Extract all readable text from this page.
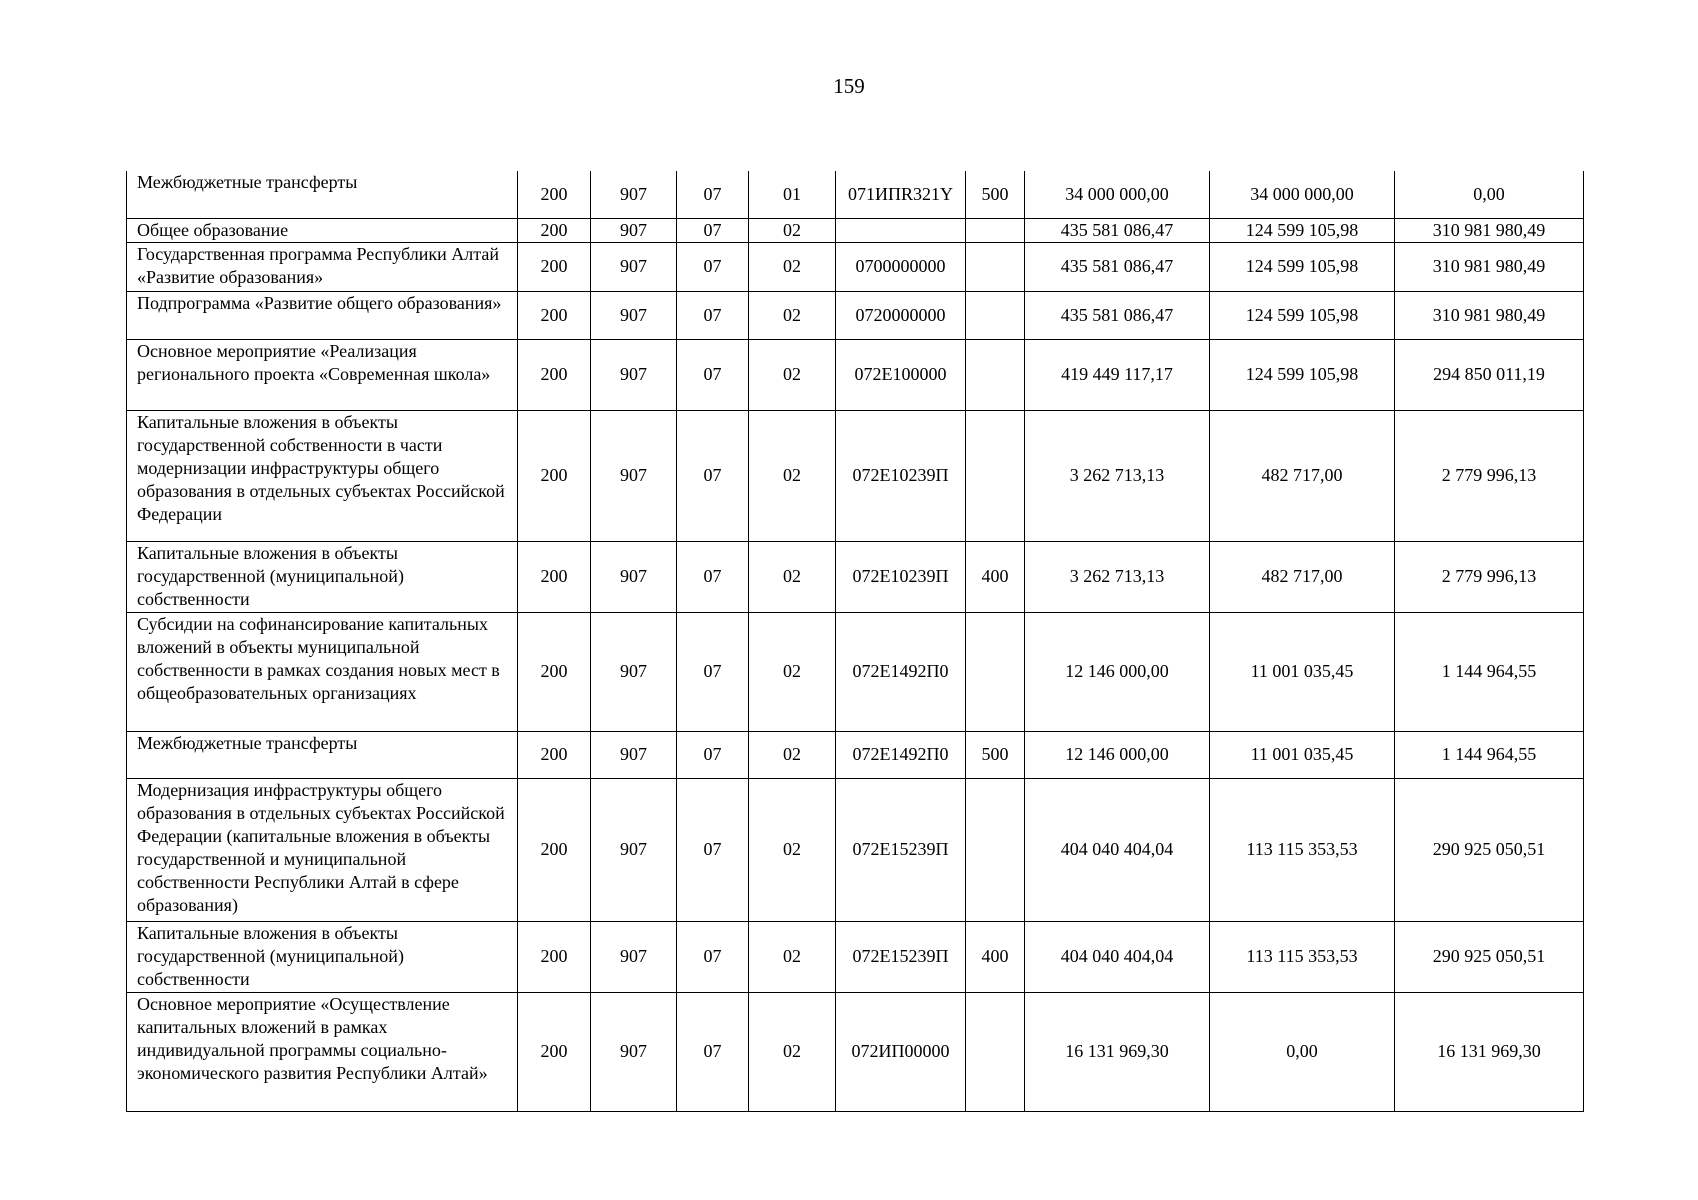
159
Межбюджетные трансферты	200	907	07	01	071ИПR321Y	500	34 000 000,00	34 000 000,00	0,00
Общее образование	200	907	07	02			435 581 086,47	124 599 105,98	310 981 980,49
Государственная программа Республики Алтай «Развитие образования»	200	907	07	02	0700000000		435 581 086,47	124 599 105,98	310 981 980,49
Подпрограмма «Развитие общего образования»	200	907	07	02	0720000000		435 581 086,47	124 599 105,98	310 981 980,49
Основное мероприятие «Реализация регионального проекта «Современная школа»	200	907	07	02	072E100000		419 449 117,17	124 599 105,98	294 850 011,19
Капитальные вложения в объекты государственной собственности в части модернизации инфраструктуры общего образования в отдельных субъектах Российской Федерации	200	907	07	02	072E10239П		3 262 713,13	482 717,00	2 779 996,13
Капитальные вложения в объекты государственной (муниципальной) собственности	200	907	07	02	072E10239П	400	3 262 713,13	482 717,00	2 779 996,13
Субсидии на софинансирование капитальных вложений в объекты муниципальной собственности в рамках создания новых мест в общеобразовательных организациях	200	907	07	02	072E1492П0		12 146 000,00	11 001 035,45	1 144 964,55
Межбюджетные трансферты	200	907	07	02	072E1492П0	500	12 146 000,00	11 001 035,45	1 144 964,55
Модернизация инфраструктуры общего образования в отдельных субъектах Российской Федерации (капитальные вложения в объекты государственной и муниципальной собственности Республики Алтай в сфере образования)	200	907	07	02	072E15239П		404 040 404,04	113 115 353,53	290 925 050,51
Капитальные вложения в объекты государственной (муниципальной) собственности	200	907	07	02	072E15239П	400	404 040 404,04	113 115 353,53	290 925 050,51
Основное мероприятие «Осуществление капитальных вложений в рамках индивидуальной программы социально-экономического развития Республики Алтай»	200	907	07	02	072ИП00000		16 131 969,30	0,00	16 131 969,30
